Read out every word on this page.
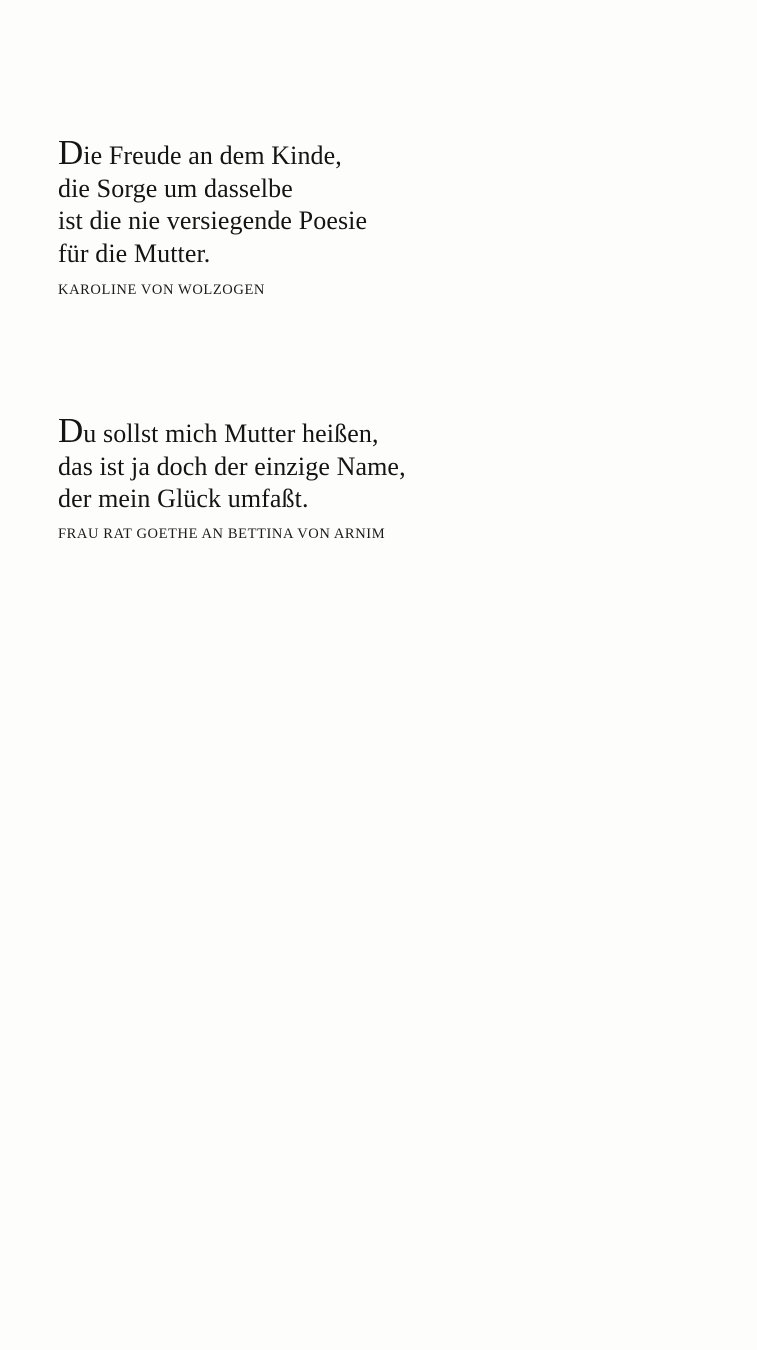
Die Freude an dem Kinde,
die Sorge um dasselbe
ist die nie versiegende Poesie
für die Mutter.
KAROLINE VON WOLZOGEN
Du sollst mich Mutter heißen,
das ist ja doch der einzige Name,
der mein Glück umfaßt.
FRAU RAT GOETHE AN BETTINA VON ARNIM
